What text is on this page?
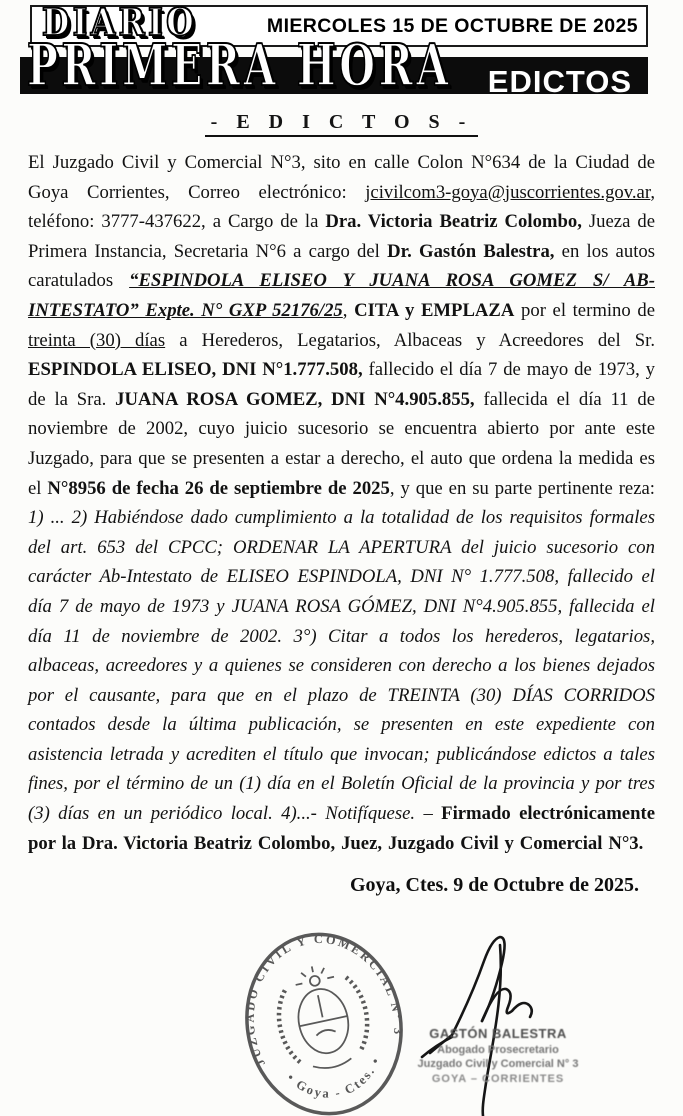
MIERCOLES 15 DE OCTUBRE DE 2025
EDICTOS
DIARIO
PRIMERA HORA
- E D I C T O S -
El Juzgado Civil y Comercial N°3, sito en calle Colon N°634 de la Ciudad de Goya Corrientes, Correo electrónico: jcivilcom3-goya@juscorrientes.gov.ar, teléfono: 3777-437622, a Cargo de la Dra. Victoria Beatriz Colombo, Jueza de Primera Instancia, Secretaria N°6 a cargo del Dr. Gastón Balestra, en los autos caratulados “ESPINDOLA ELISEO Y JUANA ROSA GOMEZ S/ AB-INTESTATO” Expte. N° GXP 52176/25, CITA y EMPLAZA por el termino de treinta (30) días a Herederos, Legatarios, Albaceas y Acreedores del Sr. ESPINDOLA ELISEO, DNI N°1.777.508, fallecido el día 7 de mayo de 1973, y de la Sra. JUANA ROSA GOMEZ, DNI N°4.905.855, fallecida el día 11 de noviembre de 2002, cuyo juicio sucesorio se encuentra abierto por ante este Juzgado, para que se presenten a estar a derecho, el auto que ordena la medida es el N°8956 de fecha 26 de septiembre de 2025, y que en su parte pertinente reza: 1) ... 2) Habiéndose dado cumplimiento a la totalidad de los requisitos formales del art. 653 del CPCC; ORDENAR LA APERTURA del juicio sucesorio con carácter Ab-Intestato de ELISEO ESPINDOLA, DNI N° 1.777.508, fallecido el día 7 de mayo de 1973 y JUANA ROSA GÓMEZ, DNI N°4.905.855, fallecida el día 11 de noviembre de 2002. 3°) Citar a todos los herederos, legatarios, albaceas, acreedores y a quienes se consideren con derecho a los bienes dejados por el causante, para que en el plazo de TREINTA (30) DÍAS CORRIDOS contados desde la última publicación, se presenten en este expediente con asistencia letrada y acrediten el título que invocan; publicándose edictos a tales fines, por el término de un (1) día en el Boletín Oficial de la provincia y por tres (3) días en un periódico local. 4)...- Notifíquese. – Firmado electrónicamente por la Dra. Victoria Beatriz Colombo, Juez, Juzgado Civil y Comercial N°3.
Goya, Ctes. 9 de Octubre de 2025.
JUZGADO CIVIL Y COMERCIAL N° 3
• Goya - Ctes. •
GASTÓN BALESTRA
Abogado Prosecretario
Juzgado Civil y Comercial N° 3
GOYA – CORRIENTES
